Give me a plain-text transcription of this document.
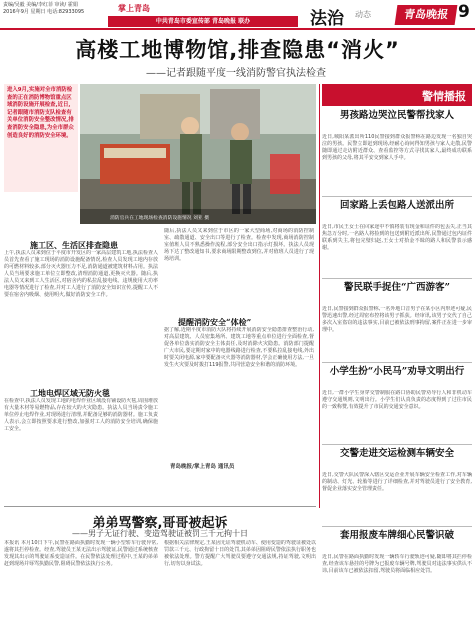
责编/吴毅 美编/李红菲 审读/ 霍娟
2016年9月 星期日 电话:82933095	掌上青岛
中共青岛市委宣传部 青岛晚报 联办	法治 动态	青岛晚报 9
高楼工地博物馆,排查隐患“消火”
——记者跟随平度一线消防警官执法检查
进入9月,实施对全市消防检查的正在消防博物馆重点区域消防设施开展检查,近日,记者跟随市消防支队检查有关单位消防安全整改情况,排查消防安全隐患,为全市群众创造良好的消防安全环境。
消防官兵在工地现场检查消防设施情况 刘亚 摄
随后,执法人员又来到位于市区的一家大型商场,对商场的消防控制室、疏散通道、安全出口等进行了检查。检查中发现,商场消防控制室值班人员不熟悉操作流程,部分安全出口指示灯损坏。执法人员现场下达了整改通知书,要求商场限期整改到位,并对值班人员进行了现场培训。
施工区、生活区排查隐患
上午,执法人员来到位于平度市开发区的一家高层建筑工地,执法检查人员首先查看了施工现场的消防设施配备情况,检查人员发现工地内存放的可燃材料较多,部分灭火器压力不足,消防通道被建筑材料占用。执法人员当场要求施工单位立即整改,清理消防通道,更换灭火器。随后,执法人员又来到工人生活区,对宿舍内的私拉乱接电线、违规使用大功率电器等情况进行了检查,并对工人进行了消防安全知识宣传,提醒工人不要在宿舍内吸烟、使用明火,做好消防安全工作。
提醒消防安全“体检”
据了解,近期平度市消防大队将持续开展消防安全隐患排查整治行动,对高层建筑、人员密集场所、建筑工地等重点单位进行全面检查,督促各单位落实消防安全主体责任,及时消除火灾隐患。消防部门提醒广大市民,要定期对家中的电器线路进行检查,不要私拉乱接电线,外出时要关闭电源,家中要配备灭火器等消防器材,学会正确使用方法,一旦发生火灾要及时拨打119报警,共同营造安全和谐的消防环境。
青岛晚报/掌上青岛 通讯员
工地电焊区域无防火毯
在检查中,执法人员发现工地的电焊作业区域没有铺设防火毯,周围堆放有大量木材等易燃物品,存在较大的火灾隐患。执法人员当场责令施工单位停止电焊作业,对现场进行清理,并配备足够的消防器材。施工负责人表示,会立即按照要求进行整改,加强对工人的消防安全培训,确保施工安全。
警情播报
男孩路边哭泣民警帮找家人
近日,城阳某派出所110民警接到群众报警称在路边发现一名独自哭泣的男孩。民警立即赶到现场,经耐心询问得知男孩与家人走散,民警随即通过走访附近群众、查看监控等方式寻找其家人,最终成功联系到男孩的父母,将其平安交到家人手中。
回家路上丢包路人送派出所
近日,市民王女士在回家途中不慎将装有现金和证件的包丢失,正当其焦急万分时,一名路人将捡到的包送到附近派出所,民警通过包内证件联系到失主,将包完璧归赵,王女士对拾金不昧的路人和民警表示感谢。
警民联手捉住“广西游客”
近日,民警接到群众报警称,一名外地口音男子在某小区内形迹可疑,民警迅速出警,经过周密布控将该男子抓获。经审讯,该男子交代了自己多次入室盗窃的违法事实,目前已被依法刑事拘留,案件正在进一步审理中。
小学生扮“小民马”劝导文明出行
近日,一群小学生身穿交警制服在路口协助民警劝导行人和非机动车遵守交通规则,文明出行。小学生们认真负责的态度得到了过往市民的一致称赞,有效提升了市民的交通安全意识。
交警走进交运检测车辆安全
近日,交警大队民警深入辖区交运企业开展车辆安全检查工作,对车辆的制动、灯光、轮胎等进行了详细检查,并对驾驶员进行了安全教育,督促企业落实安全管理责任。
套用报废车牌细心民警识破
近日,民警在路面执勤时发现一辆轿车行驶轨迹可疑,随即将其拦停检查,经查该车悬挂的号牌为已报废车辆号牌,驾驶员对违法事实供认不讳,目前该车已被依法扣留,驾驶员将面临相应处罚。
弟弟骂警察,哥哥被起诉
——男子无证行驶、变造驾驶证被罚三千元拘十日
本报讯 本月10日下午,民警在路面执勤时发现一辆小型轿车行驶异常,遂将其拦停检查。经查,驾驶员王某无法出示驾驶证,民警通过系统核查发现其出示的驾驶证系变造证件。在民警依法处理过程中,王某的弟弟赶到现场并辱骂执勤民警,阻碍民警依法执行公务。
根据相关法律规定,王某因无证驾驶机动车、使用变造的驾驶证被处以罚款三千元、行政拘留十日的处罚,其弟弟因阻碍民警依法执行职务也被依法处理。警方提醒广大驾驶员要遵守交通法规,持证驾驶,文明出行,切勿以身试法。
